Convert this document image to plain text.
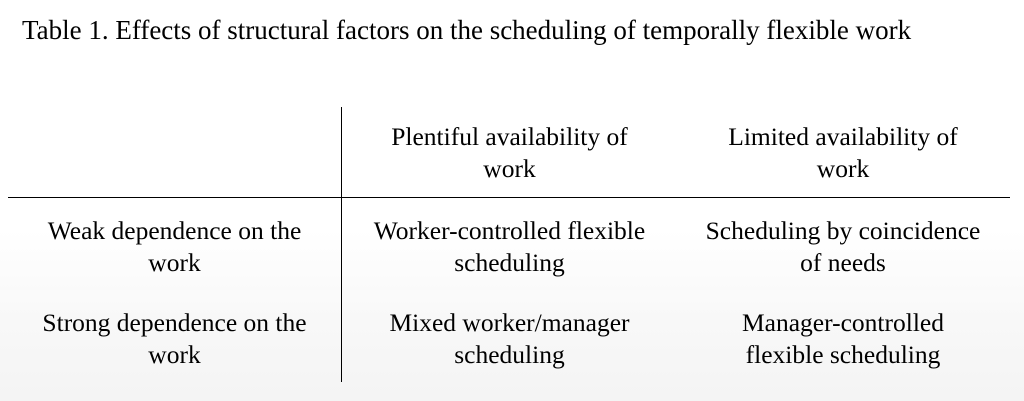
Table 1. Effects of structural factors on the scheduling of temporally flexible work
Plentiful availability of
work
Limited availability of
work
Weak dependence on the
work
Worker-controlled flexible
scheduling
Scheduling by coincidence
of needs
Strong dependence on the
work
Mixed worker/manager
scheduling
Manager-controlled
flexible scheduling
